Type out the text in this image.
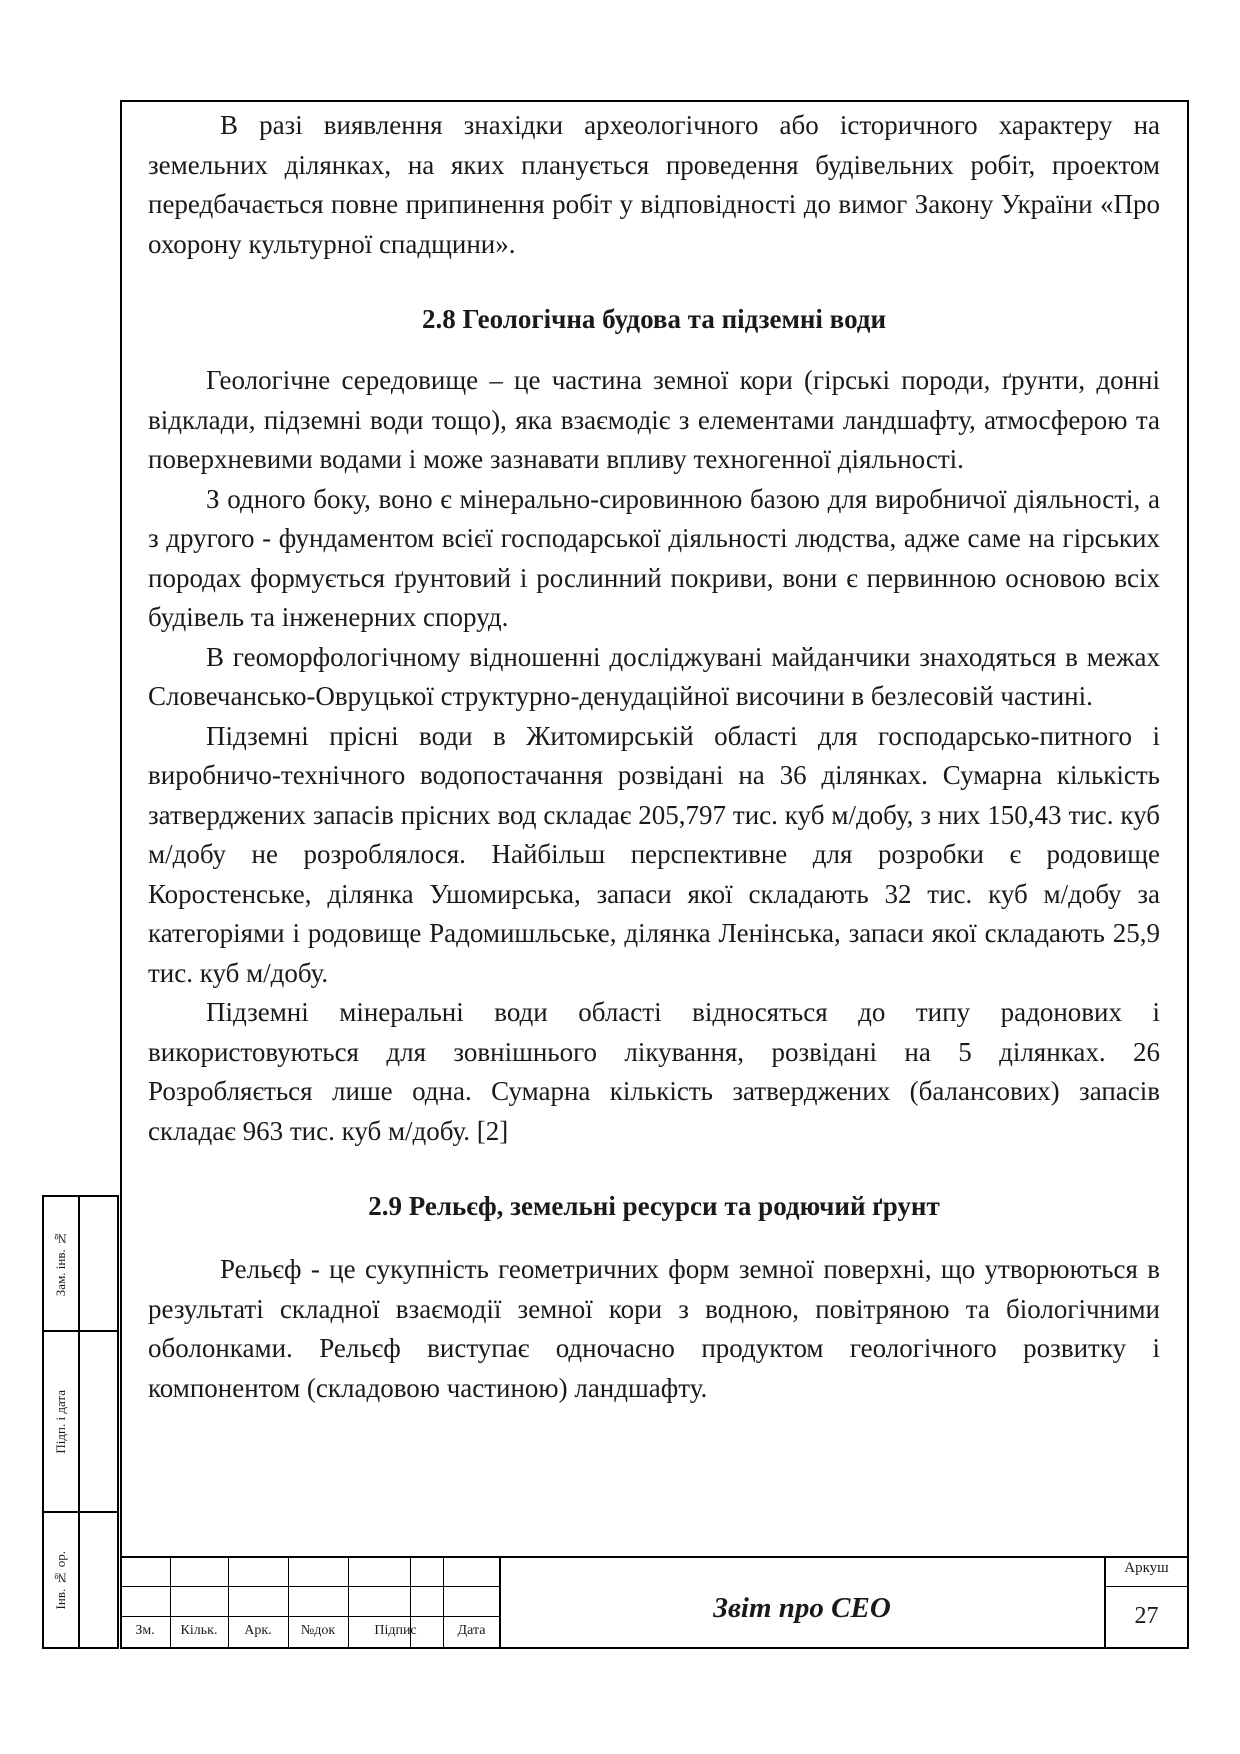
В разі виявлення знахідки археологічного або історичного характеру на земельних ділянках, на яких планується проведення будівельних робіт, проектом передбачається повне припинення робіт у відповідності до вимог Закону України «Про охорону культурної спадщини».

2.8 Геологічна будова та підземні води

Геологічне середовище – це частина земної кори (гірські породи, ґрунти, донні відклади, підземні води тощо), яка взаємодіє з елементами ландшафту, атмосферою та поверхневими водами і може зазнавати впливу техногенної діяльності.

З одного боку, воно є мінерально-сировинною базою для виробничої діяльності, а з другого - фундаментом всієї господарської діяльності людства, адже саме на гірських породах формується ґрунтовий і рослинний покриви, вони є первинною основою всіх будівель та інженерних споруд.

В геоморфологічному відношенні досліджувані майданчики знаходяться в межах Словечансько-Овруцької структурно-денудаційної височини в безлесовій частині.

Підземні прісні води в Житомирській області для господарсько-питного і виробничо-технічного водопостачання розвідані на 36 ділянках. Сумарна кількість затверджених запасів прісних вод складає 205,797 тис. куб м/добу, з них 150,43 тис. куб м/добу не розроблялося. Найбільш перспективне для розробки є родовище Коростенське, ділянка Ушомирська, запаси якої складають 32 тис. куб м/добу за категоріями і родовище Радомишльське, ділянка Ленінська, запаси якої складають 25,9 тис. куб м/добу.

Підземні мінеральні води області відносяться до типу радонових і використовуються для зовнішнього лікування, розвідані на 5 ділянках. 26 Розробляється лише одна. Сумарна кількість затверджених (балансових) запасів складає 963 тис. куб м/добу. [2]

2.9 Рельєф, земельні ресурси та родючий ґрунт

Рельєф - це сукупність геометричних форм земної поверхні, що утворюються в результаті складної взаємодії земної кори з водною, повітряною та біологічними оболонками. Рельєф виступає одночасно продуктом геологічного розвитку і компонентом (складовою частиною) ландшафту.

Зам. інв. №
Підп. і дата
Інв. № ор.
Зм.	Кільк.	Арк.	№док	Підпис	Дата
Звіт про СЕО
Аркуш
27
